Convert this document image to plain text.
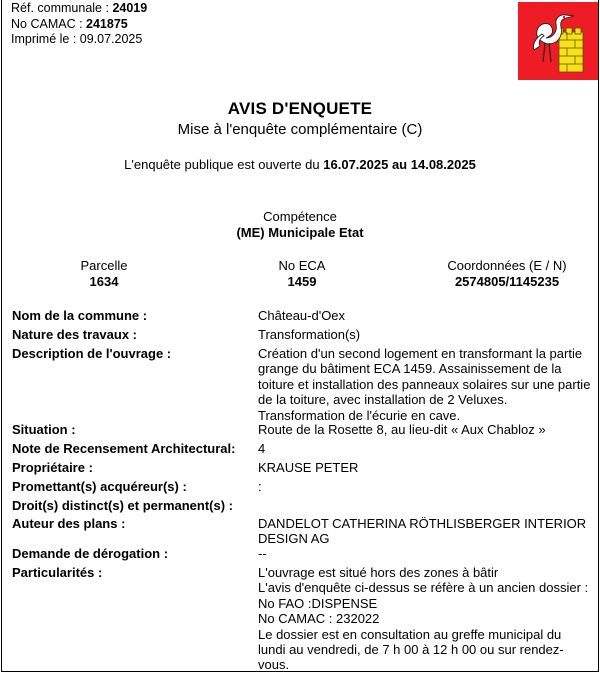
Réf. communale : 24019
No CAMAC : 241875
Imprimé le : 09.07.2025
AVIS D'ENQUETE
Mise à l'enquête complémentaire (C)
L'enquête publique est ouverte du 16.07.2025 au 14.08.2025
Compétence
(ME) Municipale Etat
Parcelle
1634
No ECA
1459
Coordonnées (E / N)
2574805/1145235
Nom de la commune :	Château-d'Oex
Nature des travaux :	Transformation(s)
Description de l'ouvrage :	Création d'un second logement en transformant la partie
grange du bâtiment ECA 1459. Assainissement de la
toiture et installation des panneaux solaires sur une partie
de la toiture, avec installation de 2 Veluxes.
Transformation de l'écurie en cave.
Situation :	Route de la Rosette 8, au lieu-dit « Aux Chabloz »
Note de Recensement Architectural: 4
Propriétaire :	KRAUSE PETER
Promettant(s) acquéreur(s) :	:
Droit(s) distinct(s) et permanent(s) :
Auteur des plans :	DANDELOT CATHERINA RÖTHLISBERGER INTERIOR
DESIGN AG
Demande de dérogation :	--
Particularités :	L'ouvrage est situé hors des zones à bâtir
L'avis d'enquête ci-dessus se réfère à un ancien dossier :
No FAO :DISPENSE
No CAMAC : 232022
Le dossier est en consultation au greffe municipal du
lundi au vendredi, de 7 h 00 à 12 h 00 ou sur rendez-
vous.
